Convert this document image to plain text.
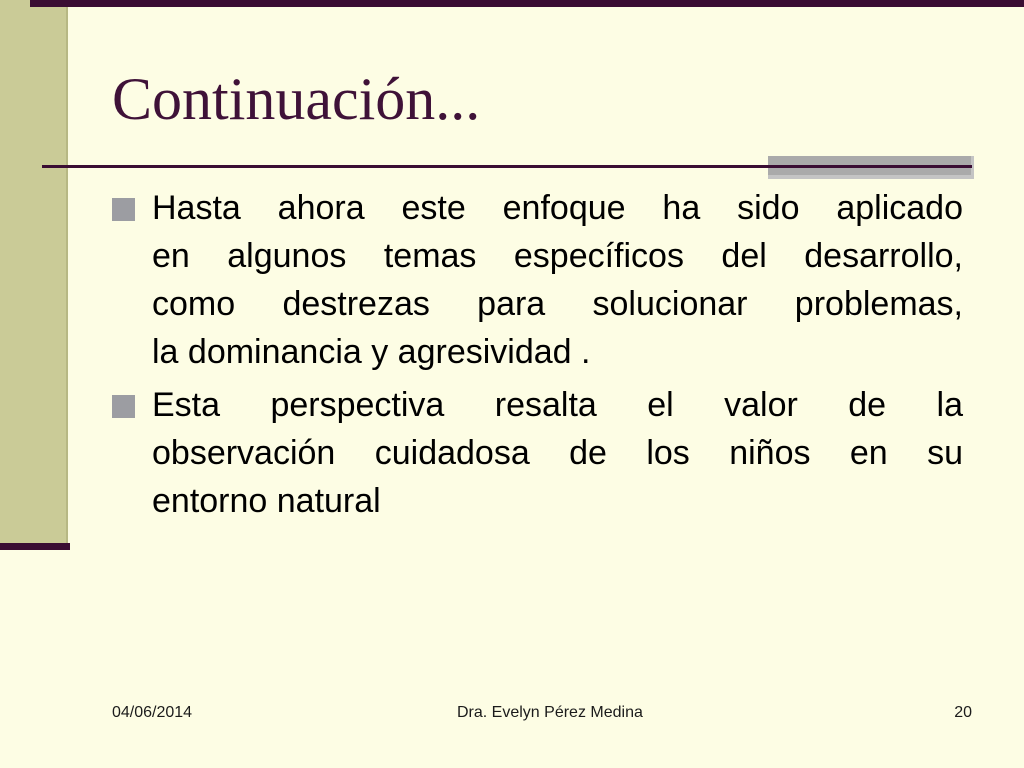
Continuación...
Hasta ahora este enfoque ha sido aplicado
en algunos temas específicos del desarrollo,
como destrezas para solucionar problemas,
la dominancia y agresividad .
Esta perspectiva resalta el valor de la
observación cuidadosa de los niños en su
entorno natural
04/06/2014	Dra. Evelyn Pérez Medina	20
